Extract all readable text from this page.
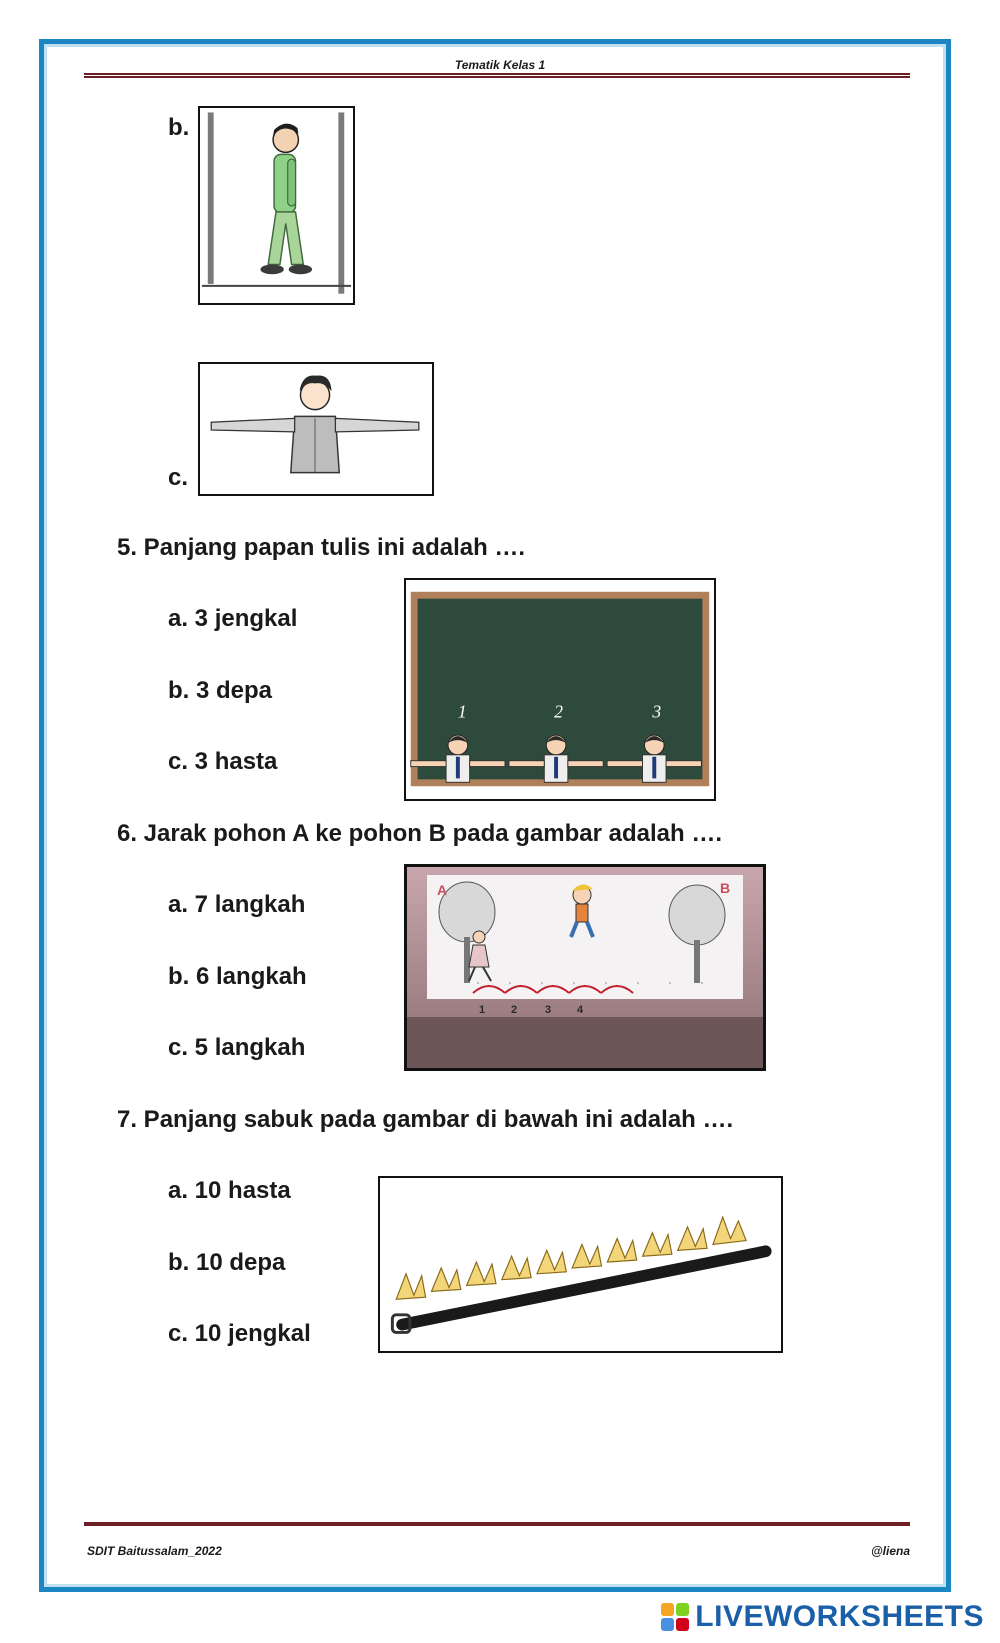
Tematik Kelas 1
b.
c.
5. Panjang papan tulis ini adalah ….
a. 3 jengkal
b. 3 depa
c. 3 hasta
1	2	3
6. Jarak pohon A ke pohon B pada gambar adalah ….
a. 7 langkah
b. 6 langkah
c. 5 langkah
A	B
1 2	3 4
7. Panjang sabuk pada gambar di bawah ini adalah ….
a. 10 hasta
b. 10 depa
c. 10 jengkal
SDIT Baitussalam_2022	@liena
LIVEWORKSHEETS
